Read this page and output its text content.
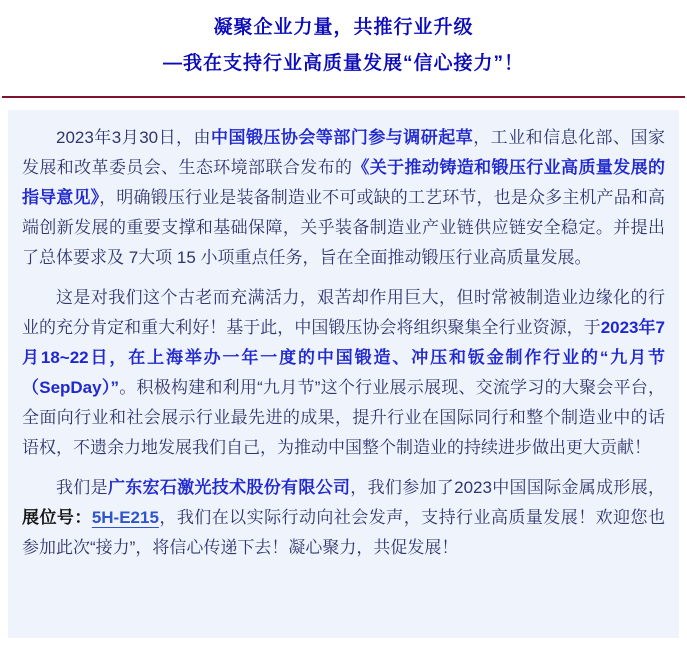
凝聚企业力量，共推行业升级
—我在支持行业高质量发展“信心接力”！

2023年3月30日，由中国锻压协会等部门参与调研起草，工业和信息化部、国家发展和改革委员会、生态环境部联合发布的《关于推动铸造和锻压行业高质量发展的指导意见》，明确锻压行业是装备制造业不可或缺的工艺环节，也是众多主机产品和高端创新发展的重要支撑和基础保障，关乎装备制造业产业链供应链安全稳定。并提出了总体要求及 7大项 15 小项重点任务，旨在全面推动锻压行业高质量发展。

这是对我们这个古老而充满活力，艰苦却作用巨大，但时常被制造业边缘化的行业的充分肯定和重大利好！基于此，中国锻压协会将组织聚集全行业资源，于2023年7月18~22日，在上海举办一年一度的中国锻造、冲压和钣金制作行业的“九月节（SepDay）”。积极构建和利用“九月节”这个行业展示展现、交流学习的大聚会平台，全面向行业和社会展示行业最先进的成果，提升行业在国际同行和整个制造业中的话语权，不遗余力地发展我们自己，为推动中国整个制造业的持续进步做出更大贡献！

我们是广东宏石激光技术股份有限公司，我们参加了2023中国国际金属成形展，展位号：5H-E215，我们在以实际行动向社会发声，支持行业高质量发展！欢迎您也参加此次“接力”，将信心传递下去！凝心聚力，共促发展！
